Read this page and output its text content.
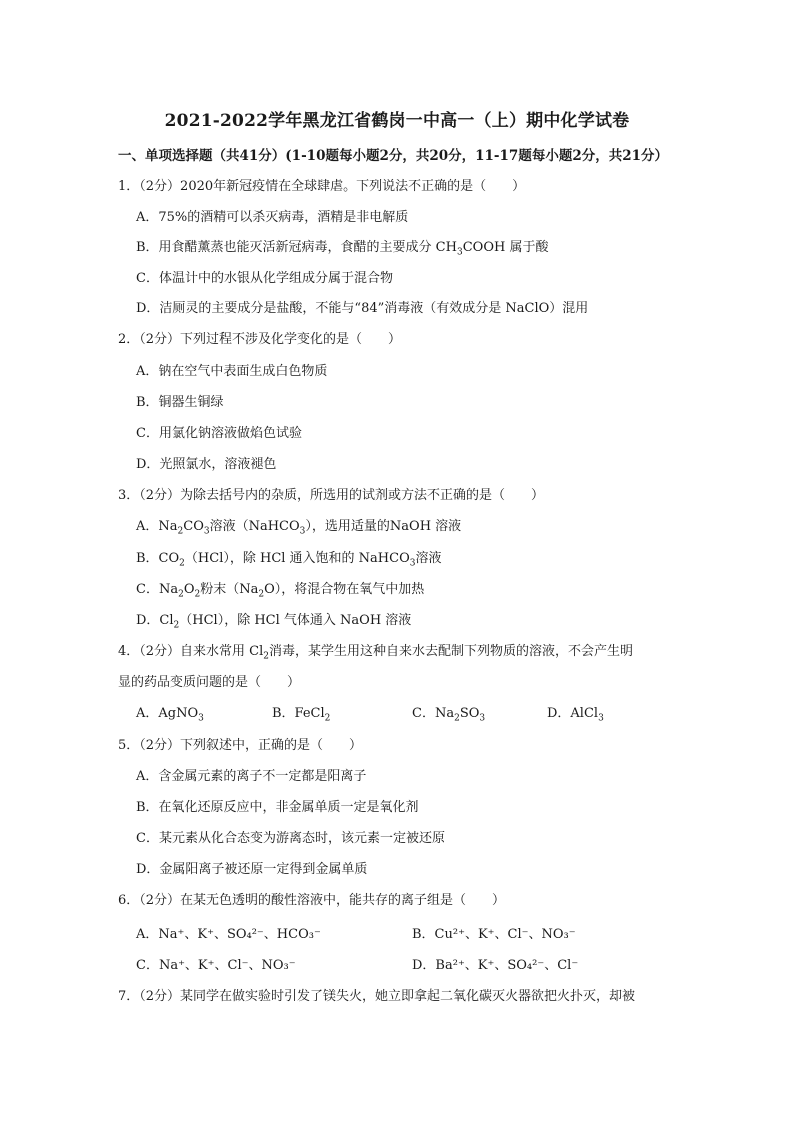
2021-2022学年黑龙江省鹤岗一中高一（上）期中化学试卷
一、单项选择题（共41分）(1-10题每小题2分，共20分，11-17题每小题2分，共21分）
1．（2分）2020年新冠疫情在全球肆虐。下列说法不正确的是（　　）
A．75%的酒精可以杀灭病毒，酒精是非电解质
B．用食醋薰蒸也能灭活新冠病毒，食醋的主要成分 $CH_3COOH$ 属于酸
C．体温计中的水银从化学组成分属于混合物
D．洁厕灵的主要成分是盐酸，不能与“84”消毒液（有效成分是 NaClO）混用
2．（2分）下列过程不涉及化学变化的是（　　）
A．钠在空气中表面生成白色物质
B．铜器生铜绿
C．用氯化钠溶液做焰色试验
D．光照氯水，溶液褪色
3．（2分）为除去括号内的杂质，所选用的试剂或方法不正确的是（　　）
A．$Na_2CO_3$溶液（NaHCO$_3$），选用适量的NaOH 溶液
B．$CO_2(HCl)$，除 HCl 通入饱和的 NaHCO$_3$溶液
C．$Na_2O_2$粉末$(Na_2O)$，将混合物在氧气中加热
D．$Cl_2(HCl)$，除 HCl 气体通入 NaOH 溶液
4．（2分）自来水常用 $Cl_2$消毒，某学生用这种自来水去配制下列物质的溶液，不会产生明
显的药品变质问题的是（　　）
A．AgNO$_3$	B．FeCl$_2$	C．$Na_2SO_3$	D．AlCl$_3$
5．（2分）下列叙述中，正确的是（　　）
A．含金属元素的离子不一定都是阳离子
B．在氧化还原反应中，非金属单质一定是氧化剂
C．某元素从化合态变为游离态时，该元素一定被还原
D．金属阳离子被还原一定得到金属单质
6．（2分）在某无色透明的酸性溶液中，能共存的离子组是（　　）
A．Na⁺、K⁺、SO₄²⁻、HCO₃⁻	B．Cu²⁺、K⁺、Cl⁻、NO₃⁻
C．Na⁺、K⁺、Cl⁻、NO₃⁻	D．Ba²⁺、K⁺、SO₄²⁻、Cl⁻
7．（2分）某同学在做实验时引发了镁失火，她立即拿起二氧化碳灭火器欲把火扑灭，却被
